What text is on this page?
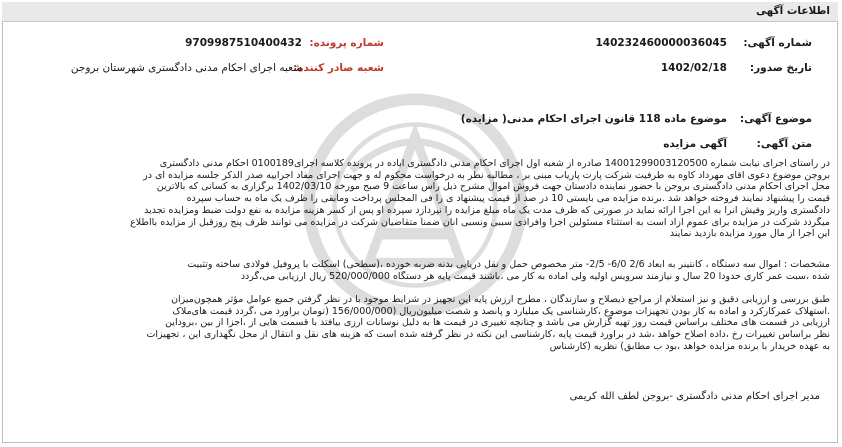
اطلاعات آگهی
شماره آگهی:
140232460000036045
شماره پرونده:
9709987510400432
تاریخ صدور:
1402/02/18
شعبه صادر کننده:
شعبه اجرای احکام مدنی دادگستری شهرستان بروجن
موضوع آگهی:
موضوع ماده 118 قانون اجرای احکام مدنی( مزایده)
متن آگهی:
آگهی مزایده
در راستای اجرای نیابت شماره 14001299003120500 صادره از شعبه اول اجرای احکام مدنی دادگستری آباده در پرونده کلاسه اجرای0100189 احکام مدنی دادگستری
بروجن موضوع دعوی آقای مهرداد کاوه به طرفیت شرکت پارت پاریاب مبنی بر ، مطالبه نظر به درخواست محکوم له و جهت اجرای مفاد اجراییه صدر الذکر جلسه مزایده ای در
محل اجرای احکام مدنی دادگستری بروجن با حضور نماینده دادستان جهت فروش اموال مشرح ذیل راس ساعت 9 صبح مورخه 1402/03/10 برگزاری به کسانی که بالاترین
قیمت را پیشنهاد نمایند فروخته خواهد شد .برنده مزایده می بایستی 10 در صد از قیمت پیشنهاد ی را فی المجلس پرداخت ومابقی را ظرف یک ماه به حساب سپرده
دادگستری واریز وفیش آنرا به این اجرا ارائه نماید در صورتی که ظرف مدت یک ماه مبلغ مزایده را نپردازد سپرده او پس از کسر هزینه مزایده به نفع دولت ضبط ومزایده تجدید
میگردد شرکت در مزایده برای عموم آزاد است به استثناء مسئولین اجرا وافرادی سببی ونسبی آنان ضمناً متقاضیان شرکت در مزایده می توانند ظرف پنج روزقبل از مزایده بااطلاع
این اجرا از مال مورد مزایده بازدید نمایند
مشخصات : اموال سه دستگاه ، کانتینر به ابعاد 2/6 6/0- 2/5- متر مخصوص حمل و نقل دریایی بدنه ضربه خورده ،(سطحی) اسکلت با پروفیل فولادی ساخته وتثبیت
شده ،سبت عمر کاری حدودا 20 سال و نیازمند سرویس اولیه ولی آماده به کار می ،باشند قیمت پایه هر دستگاه 520/000/000 ریال ارزیابی می،گردد
طبق بررسی و ارزیابی دقیق و نیز استعلام از مراجع ذیصلاح و سازندگان ، مطرح ارزش پایه این تجهیز در شرایط موجود با در نظر گرفتن جمیع عوامل مؤثر همچون‌میزان
.استهلاک عمرکارکرد و آماده به کار بودن تجهیزات موضوع ،کارشناسی یک میلیارد و پانصد و شصت میلیون‌ریال (156/000/000 (تومان برآورد می ،گردد قیمت های‌ملاک
ارزیابی در قسمت های مختلف براساس قیمت روز تهیه گزارش می باشد و چنانچه تغییری در قیمت ها به دلیل نوسانات ارزی بیافتد با قسمت هایی از ،اجزا از بین ،بروداین
نظر براساس تغییرات رخ ،داده اصلاح خواهد ،شد در برآورد قیمت پایه ،کارشناسی این نکته در نظر گرفته شده است که هزینه های نقل و انتقال از محل نگهداری این ، تجهیزات
به عهده خریدار با برنده مزایده خواهد ،بود ب مطابق) نظریه (کارشناس
مدیر اجرای احکام مدنی دادگستری -بروجن لطف الله کریمی
